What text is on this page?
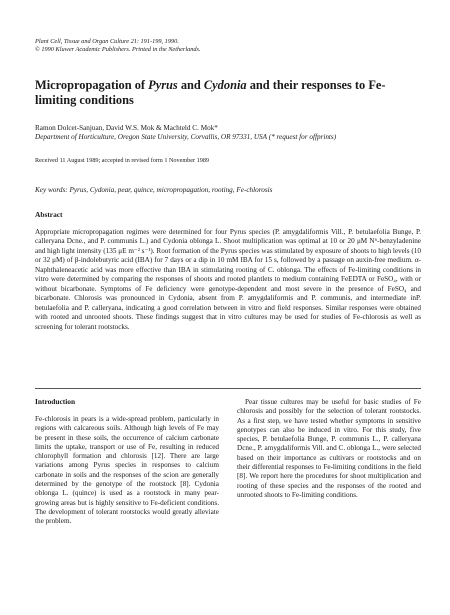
Plant Cell, Tissue and Organ Culture 21: 191-199, 1990.
© 1990 Kluwer Academic Publishers. Printed in the Netherlands.
Micropropagation of Pyrus and Cydonia and their responses to Fe-limiting conditions
Ramon Dolcet-Sanjuan, David W.S. Mok & Machteld C. Mok*
Department of Horticulture, Oregon State University, Corvallis, OR 97331, USA (* request for offprints)
Received 11 August 1989; accepted in revised form 1 November 1989
Key words: Pyrus, Cydonia, pear, quince, micropropagation, rooting, Fe-chlorosis
Abstract

Appropriate micropropagation regimes were determined for four Pyrus species (P. amygdaliformis Vill., P. betulaefolia Bunge, P. calleryana Dcne., and P. communis L.) and Cydonia oblonga L. Shoot multiplication was optimal at 10 or 20 μM N⁶-benzyladenine and high light intensity (135 μE m⁻² s⁻¹). Root formation of the Pyrus species was stimulated by exposure of shoots to high levels (10 or 32 μM) of β-indolebutyric acid (IBA) for 7 days or a dip in 10 mM IBA for 15 s, followed by a passage on auxin-free medium. α-Naphthaleneacetic acid was more effective than IBA in stimulating rooting of C. oblonga. The effects of Fe-limiting conditions in vitro were determined by comparing the responses of shoots and rooted plantlets to medium containing FeEDTA or FeSO₄, with or without bicarbonate. Symptoms of Fe deficiency were genotype-dependent and most severe in the presence of FeSO₄ and bicarbonate. Chlorosis was pronounced in Cydonia, absent from P. amygdaliformis and P. communis, and intermediate inP. betulaefolia and P. calleryana, indicating a good correlation between in vitro and field responses. Similar responses were obtained with rooted and unrooted shoots. These findings suggest that in vitro cultures may be used for studies of Fe-chlorosis as well as screening for tolerant rootstocks.

Introduction

Fe-chlorosis in pears is a wide-spread problem, particularly in regions with calcareous soils. Although high levels of Fe may be present in these soils, the occurrence of calcium carbonate limits the uptake, transport or use of Fe, resulting in reduced chlorophyll formation and chlorosis [12]. There are large variations among Pyrus species in responses to calcium carbonate in soils and the responses of the scion are generally determined by the genotype of the rootstock [8]. Cydonia oblonga L. (quince) is used as a rootstock in many pear-growing areas but is highly sensitive to Fe-deficient conditions. The development of tolerant rootstocks would greatly alleviate the problem.

Pear tissue cultures may be useful for basic studies of Fe chlorosis and possibly for the selection of tolerant rootstocks. As a first step, we have tested whether symptoms in sensitive genotypes can also be induced in vitro. For this study, five species, P. betulaefolia Bunge, P. communis L., P. calleryana Dcne., P. amygdaliformis Vill. and C. oblonga L., were selected based on their importance as cultivars or rootstocks and on their differential responses to Fe-limiting conditions in the field [8]. We report here the procedures for shoot multiplication and rooting of these species and the responses of the rooted and unrooted shoots to Fe-limiting conditions.
